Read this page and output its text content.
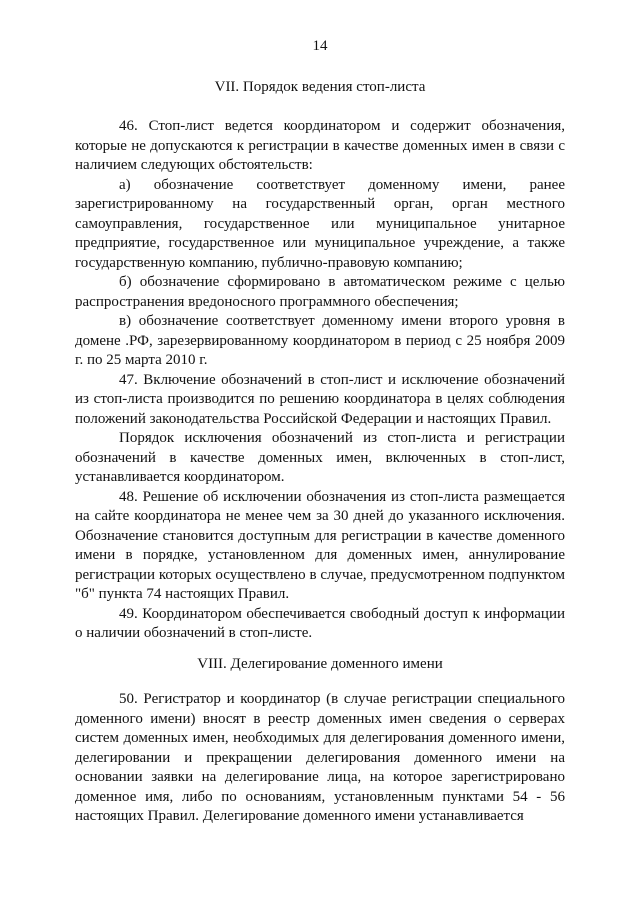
14
VII. Порядок ведения стоп-листа

46. Стоп-лист ведется координатором и содержит обозначения, которые не допускаются к регистрации в качестве доменных имен в связи с наличием следующих обстоятельств:

а) обозначение соответствует доменному имени, ранее зарегистрированному на государственный орган, орган местного самоуправления, государственное или муниципальное унитарное предприятие, государственное или муниципальное учреждение, а также государственную компанию, публично-правовую компанию;

б) обозначение сформировано в автоматическом режиме с целью распространения вредоносного программного обеспечения;

в) обозначение соответствует доменному имени второго уровня в домене .РФ, зарезервированному координатором в период с 25 ноября 2009 г. по 25 марта 2010 г.

47. Включение обозначений в стоп-лист и исключение обозначений из стоп-листа производится по решению координатора в целях соблюдения положений законодательства Российской Федерации и настоящих Правил.

Порядок исключения обозначений из стоп-листа и регистрации обозначений в качестве доменных имен, включенных в стоп-лист, устанавливается координатором.

48. Решение об исключении обозначения из стоп-листа размещается на сайте координатора не менее чем за 30 дней до указанного исключения. Обозначение становится доступным для регистрации в качестве доменного имени в порядке, установленном для доменных имен, аннулирование регистрации которых осуществлено в случае, предусмотренном подпунктом "б" пункта 74 настоящих Правил.

49. Координатором обеспечивается свободный доступ к информации о наличии обозначений в стоп-листе.

VIII. Делегирование доменного имени

50. Регистратор и координатор (в случае регистрации специального доменного имени) вносят в реестр доменных имен сведения о серверах систем доменных имен, необходимых для делегирования доменного имени, делегировании и прекращении делегирования доменного имени на основании заявки на делегирование лица, на которое зарегистрировано доменное имя, либо по основаниям, установленным пунктами 54 - 56 настоящих Правил. Делегирование доменного имени устанавливается
